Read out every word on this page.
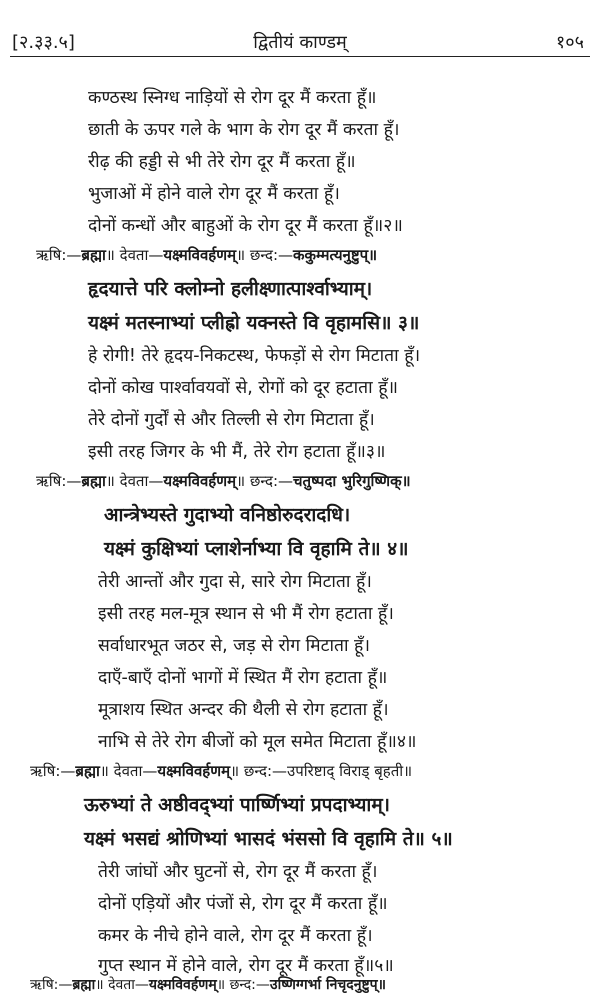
[२.३३.५]	द्वितीयं काण्डम्	१०५
कण्ठस्थ स्निग्ध नाड़ियों से रोग दूर मैं करता हूँ॥
छाती के ऊपर गले के भाग के रोग दूर मैं करता हूँ।
रीढ़ की हड्डी से भी तेरे रोग दूर मैं करता हूँ॥
भुजाओं में होने वाले रोग दूर मैं करता हूँ।
दोनों कन्धों और बाहुओं के रोग दूर मैं करता हूँ॥२॥
ऋषि:—ब्रह्मा॥ देवता—यक्ष्मविवर्हणम्॥ छन्द:—ककुम्मत्यनुष्टुप्॥
हृदयात्ते परि क्लोम्नो हलीक्ष्णात्पार्श्वाभ्याम्।
यक्ष्मं मतस्नाभ्यां प्लीह्रो यक्नस्ते वि वृहामसि॥ ३॥
हे रोगी! तेरे हृदय-निकटस्थ, फेफड़ों से रोग मिटाता हूँ।
दोनों कोख पार्श्वावयवों से, रोगों को दूर हटाता हूँ॥
तेरे दोनों गुर्दों से और तिल्ली से रोग मिटाता हूँ।
इसी तरह जिगर के भी मैं, तेरे रोग हटाता हूँ॥३॥
ऋषि:—ब्रह्मा॥ देवता—यक्ष्मविवर्हणम्॥ छन्द:—चतुष्पदा भुरिगुष्णिक्॥
आन्त्रेभ्यस्ते गुदाभ्यो वनिष्ठोरुदरादधि।
यक्ष्मं कुक्षिभ्यां प्लाशेर्नाभ्या वि वृहामि ते॥ ४॥
तेरी आन्तों और गुदा से, सारे रोग मिटाता हूँ।
इसी तरह मल-मूत्र स्थान से भी मैं रोग हटाता हूँ।
सर्वाधारभूत जठर से, जड़ से रोग मिटाता हूँ।
दाएँ-बाएँ दोनों भागों में स्थित मैं रोग हटाता हूँ॥
मूत्राशय स्थित अन्दर की थैली से रोग हटाता हूँ।
नाभि से तेरे रोग बीजों को मूल समेत मिटाता हूँ॥४॥
ऋषि:—ब्रह्मा॥ देवता—यक्ष्मविवर्हणम्॥ छन्द:—उपरिष्टाद् विराड् बृहती॥
ऊरुभ्यां ते अष्ठीवद्भ्यां पार्ष्णिभ्यां प्रपदाभ्याम्।
यक्ष्मं भसद्यं श्रोणिभ्यां भासदं भंससो वि वृहामि ते॥ ५॥
तेरी जांघों और घुटनों से, रोग दूर मैं करता हूँ।
दोनों एड़ियों और पंजों से, रोग दूर मैं करता हूँ॥
कमर के नीचे होने वाले, रोग दूर मैं करता हूँ।
गुप्त स्थान में होने वाले, रोग दूर मैं करता हूँ॥५॥
ऋषि:—ब्रह्मा॥ देवता—यक्ष्मविवर्हणम्॥ छन्द:—उष्णिग्गर्भा निचृदनुष्टुप्॥
